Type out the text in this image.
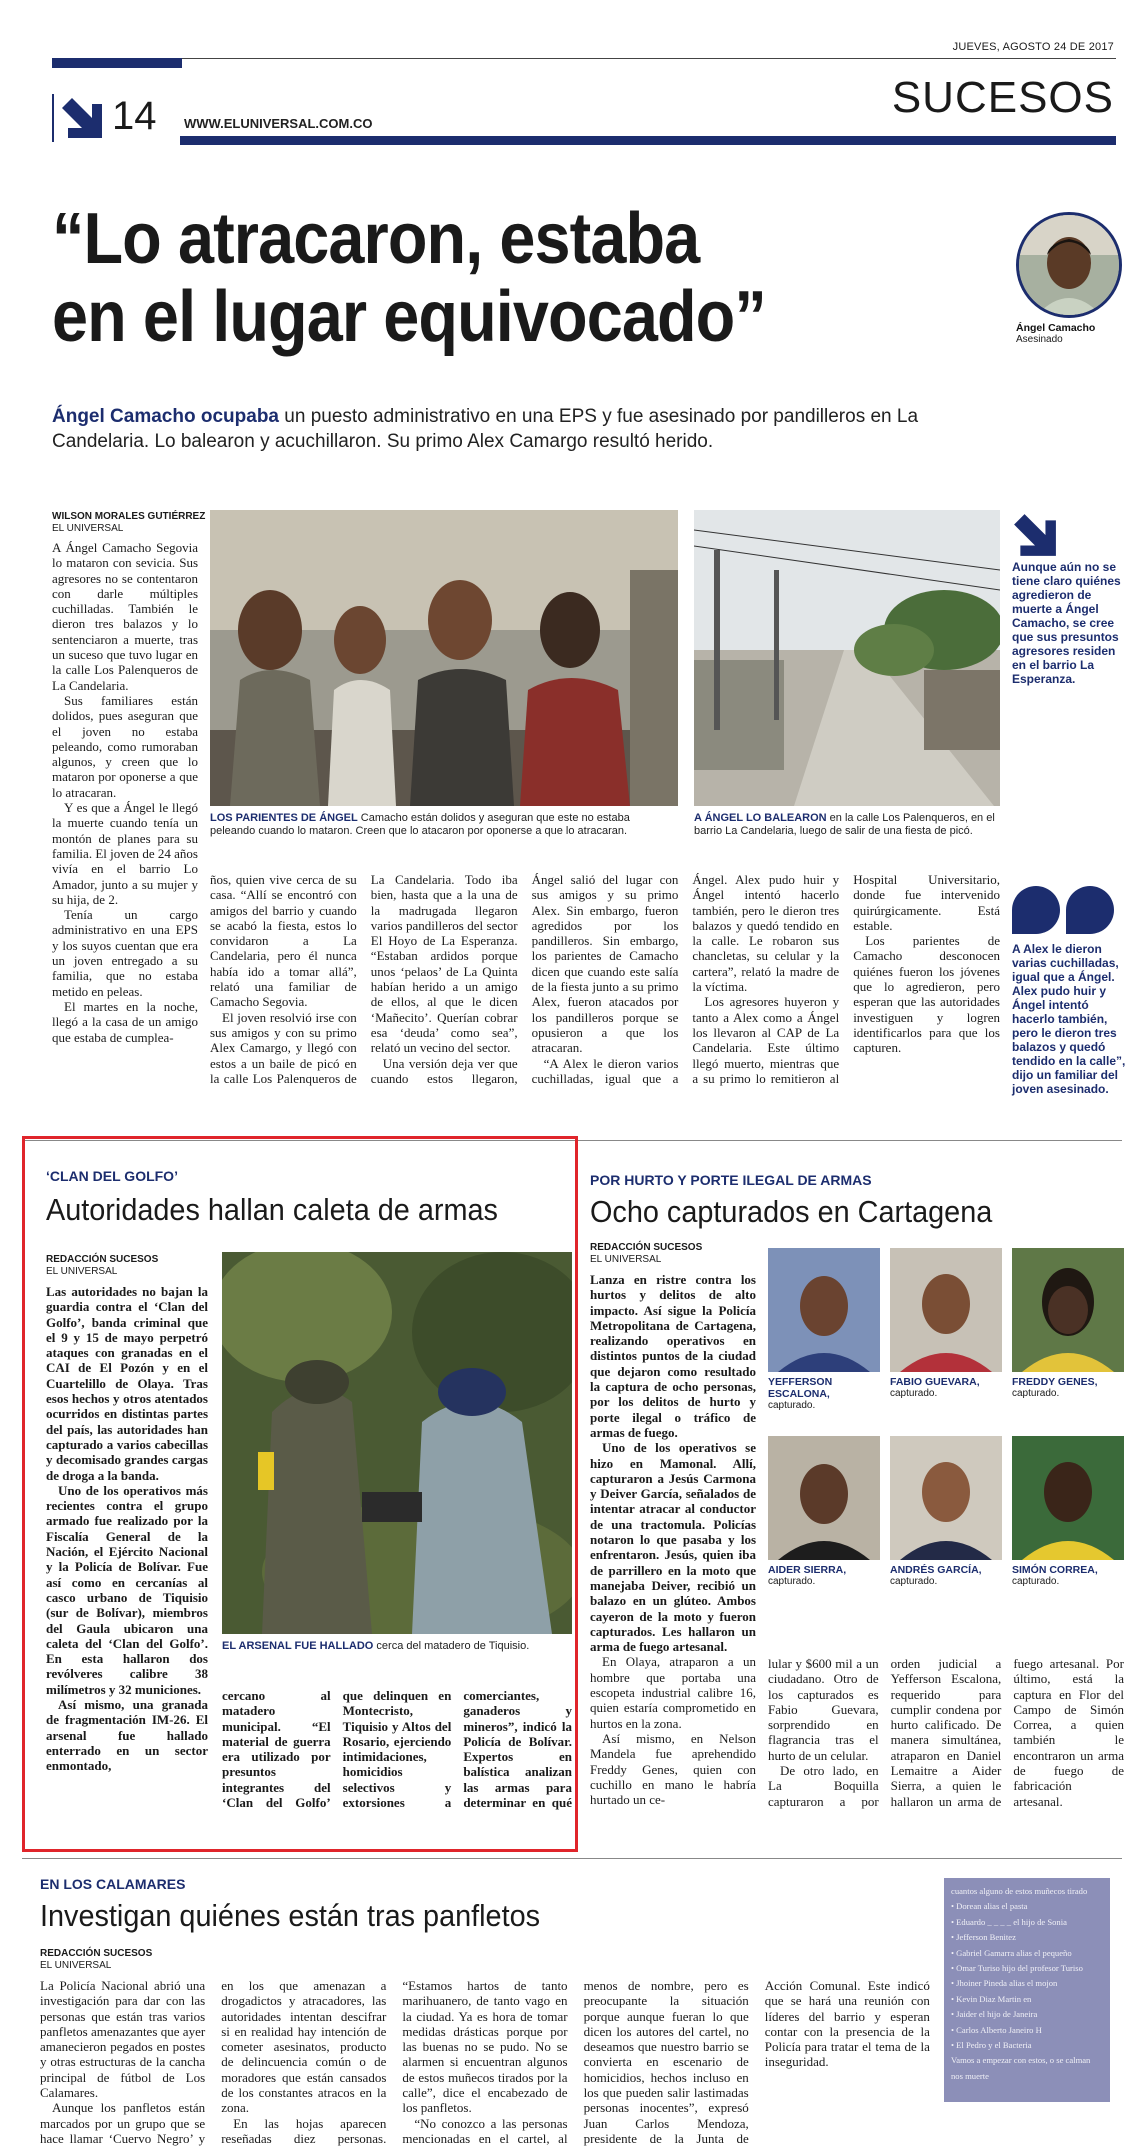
JUEVES, AGOSTO 24 DE 2017
14 WWW.ELUNIVERSAL.COM.CO
SUCESOS
“Lo atracaron, estaba
en el lugar equivocado”
Ángel Camacho ocupaba un puesto administrativo en una EPS y fue asesinado por pandilleros en La Candelaria. Lo balearon y acuchillaron. Su primo Alex Camargo resultó herido.
Ángel Camacho
Asesinado
WILSON MORALES GUTIÉRREZ
EL UNIVERSAL

A Ángel Camacho Segovia lo mataron con sevicia. Sus agresores no se contentaron con darle múltiples cuchilladas. También le dieron tres balazos y lo sentenciaron a muerte, tras un suceso que tuvo lugar en la calle Los Palenqueros de La Candelaria.

Sus familiares están dolidos, pues aseguran que el joven no estaba peleando, como rumoraban algunos, y creen que lo mataron por oponerse a que lo atracaran.

Y es que a Ángel le llegó la muerte cuando tenía un montón de planes para su familia. El joven de 24 años vivía en el barrio Lo Amador, junto a su mujer y su hija, de 2.

Tenía un cargo administrativo en una EPS y los suyos cuentan que era un joven entregado a su familia, que no estaba metido en peleas.

El martes en la noche, llegó a la casa de un amigo que estaba de cumplea-

LOS PARIENTES DE ÁNGEL Camacho están dolidos y aseguran que este no estaba peleando cuando lo mataron. Creen que lo atacaron por oponerse a que lo atracaran.
A ÁNGEL LO BALEARON en la calle Los Palenqueros, en el barrio La Candelaria, luego de salir de una fiesta de picó.
Aunque aún no se tiene claro quiénes agredieron de muerte a Ángel Camacho, se cree que sus presuntos agresores residen en el barrio La Esperanza.
A Alex le dieron varias cuchilladas, igual que a Ángel. Alex pudo huir y Ángel intentó hacerlo también, pero le dieron tres balazos y quedó tendido en la calle”, dijo un familiar del joven asesinado.

ños, quien vive cerca de su casa. “Allí se encontró con amigos del barrio y cuando se acabó la fiesta, estos lo convidaron a La Candelaria, pero él nunca había ido a tomar allá”, relató una familiar de Camacho Segovia.

El joven resolvió irse con sus amigos y con su primo Alex Camargo, y llegó con estos a un baile de picó en la calle Los Palenqueros de La Candelaria. Todo iba bien, hasta que a la una de la madrugada llegaron varios pandilleros del sector El Hoyo de La Esperanza. “Estaban ardidos porque unos ‘pelaos’ de La Quinta habían herido a un amigo de ellos, al que le dicen ‘Mañecito’. Querían cobrar esa ‘deuda’ como sea”, relató un vecino del sector.

Una versión deja ver que cuando estos llegaron, Ángel salió del lugar con sus amigos y su primo Alex. Sin embargo, fueron agredidos por los pandilleros. Sin embargo, los parientes de Camacho dicen que cuando este salía de la fiesta junto a su primo Alex, fueron atacados por los pandilleros porque se opusieron a que los atracaran.

“A Alex le dieron varios cuchilladas, igual que a Ángel. Alex pudo huir y Ángel intentó hacerlo también, pero le dieron tres balazos y quedó tendido en la calle. Le robaron sus chancletas, su celular y la cartera”, relató la madre de la víctima.

Los agresores huyeron y tanto a Alex como a Ángel los llevaron al CAP de La Candelaria. Este último llegó muerto, mientras que a su primo lo remitieron al Hospital Universitario, donde fue intervenido quirúrgicamente. Está estable.

Los parientes de Camacho desconocen quiénes fueron los jóvenes que lo agredieron, pero esperan que las autoridades investiguen y logren identificarlos para que los capturen.

‘CLAN DEL GOLFO’
Autoridades hallan caleta de armas
REDACCIÓN SUCESOS
EL UNIVERSAL

Las autoridades no bajan la guardia contra el ‘Clan del Golfo’, banda criminal que el 9 y 15 de mayo perpetró ataques con granadas en el CAI de El Pozón y en el Cuartelillo de Olaya. Tras esos hechos y otros atentados ocurridos en distintas partes del país, las autoridades han capturado a varios cabecillas y decomisado grandes cargas de droga a la banda.

Uno de los operativos más recientes contra el grupo armado fue realizado por la Fiscalía General de la Nación, el Ejército Nacional y la Policía de Bolívar. Fue así como en cercanías al casco urbano de Tiquisio (sur de Bolívar), miembros del Gaula ubicaron una caleta del ‘Clan del Golfo’. En esta hallaron dos revólveres calibre 38 milímetros y 32 municiones.

Así mismo, una granada de fragmentación IM-26. El arsenal fue hallado enterrado en un sector enmontado,

EL ARSENAL FUE HALLADO cerca del matadero de Tiquisio.

cercano al matadero municipal. “El material de guerra era utilizado por presuntos integrantes del ‘Clan del Golfo’ que delinquen en Montecristo, Tiquisio y Altos del Rosario, ejerciendo intimidaciones, homicidios selectivos y extorsiones a comerciantes, ganaderos y mineros”, indicó la Policía de Bolívar. Expertos en balística analizan las armas para determinar en qué

POR HURTO Y PORTE ILEGAL DE ARMAS
Ocho capturados en Cartagena
REDACCIÓN SUCESOS
EL UNIVERSAL

Lanza en ristre contra los hurtos y delitos de alto impacto. Así sigue la Policía Metropolitana de Cartagena, realizando operativos en distintos puntos de la ciudad que dejaron como resultado la captura de ocho personas, por los delitos de hurto y porte ilegal o tráfico de armas de fuego.

Uno de los operativos se hizo en Mamonal. Allí, capturaron a Jesús Carmona y Deiver García, señalados de intentar atracar al conductor de una tractomula. Policías notaron lo que pasaba y los enfrentaron. Jesús, quien iba de parrillero en la moto que manejaba Deiver, recibió un balazo en un glúteo. Ambos cayeron de la moto y fueron capturados. Les hallaron un arma de fuego artesanal.

En Olaya, atraparon a un hombre que portaba una escopeta industrial calibre 16, quien estaría comprometido en hurtos en la zona.

Así mismo, en Nelson Mandela fue aprehendido Freddy Genes, quien con cuchillo en mano le habría hurtado un ce-

YEFFERSON ESCALONA,
capturado.
FABIO GUEVARA,
capturado.
FREDDY GENES,
capturado.
AIDER SIERRA,
capturado.
ANDRÉS GARCÍA,
capturado.
SIMÓN CORREA,
capturado.

lular y $600 mil a un ciudadano. Otro de los capturados es Fabio Guevara, sorprendido en flagrancia tras el hurto de un celular.

De otro lado, en La Boquilla capturaron a por orden judicial a Yefferson Escalona, requerido para cumplir condena por hurto calificado. De manera simultánea, atraparon en Daniel Lemaitre a Aider Sierra, a quien le hallaron un arma de fuego artesanal. Por último, está la captura en Flor del Campo de Simón Correa, a quien también le encontraron un arma de fuego de fabricación artesanal.

EN LOS CALAMARES
Investigan quiénes están tras panfletos
REDACCIÓN SUCESOS
EL UNIVERSAL

La Policía Nacional abrió una investigación para dar con las personas que están tras varios panfletos amenazantes que ayer amanecieron pegados en postes y otras estructuras de la cancha principal de fútbol de Los Calamares.

Aunque los panfletos están marcados por un grupo que se hace llamar ‘Cuervo Negro’ y en los que amenazan a drogadictos y atracadores, las autoridades intentan descifrar si en realidad hay intención de cometer asesinatos, producto de delincuencia común o de moradores que están cansados de los constantes atracos en la zona.

En las hojas aparecen reseñadas diez personas. “Estamos hartos de tanto marihuanero, de tanto vago en la ciudad. Ya es hora de tomar medidas drásticas porque por las buenas no se pudo. No se alarmen si encuentran algunos de estos muñecos tirados por la calle”, dice el encabezado de los panfletos.

“No conozco a las personas mencionadas en el cartel, al menos de nombre, pero es preocupante la situación porque aunque fueran lo que dicen los autores del cartel, no deseamos que nuestro barrio se convierta en escenario de homicidios, hechos incluso en los que pueden salir lastimadas personas inocentes”, expresó Juan Carlos Mendoza, presidente de la Junta de Acción Comunal. Este indicó que se hará una reunión con líderes del barrio y esperan contar con la presencia de la Policía para tratar el tema de la inseguridad.

cuantos alguno de estos muñecos tirado
• Dorean alias el pasta
• Eduardo _ _ _ _ el hijo de Sonia
• Jefferson Benitez
• Gabriel Gamarra alias el pequeño
• Omar Turiso hijo del profesor Turiso
• Jhoiner Pineda alias el mojon
• Kevin Diaz Martin en
• Jaider el hijo de Janeira
• Carlos Alberto Janeiro H
• El Pedro y el Bacteria
Vamos a empezar con estos, o se calman
nos muerte
